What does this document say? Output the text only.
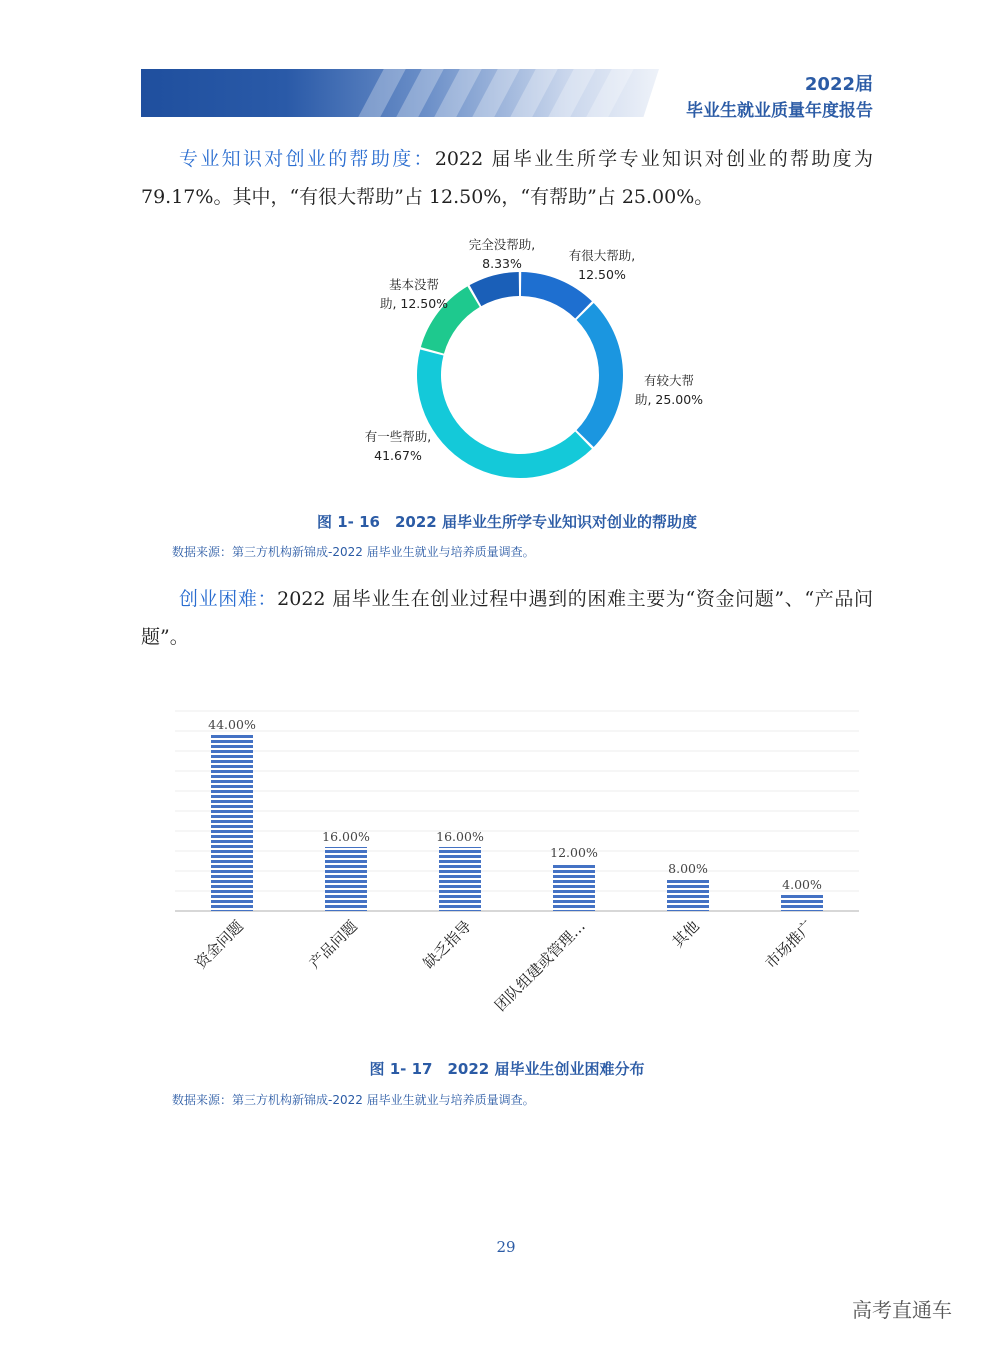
2022届
毕业生就业质量年度报告
专业知识对创业的帮助度：2022 届毕业生所学专业知识对创业的帮助度为 79.17%。其中，“有很大帮助”占 12.50%，“有帮助”占 25.00%。
有很大帮助, 12.50%
有较大帮助, 25.00%
有一些帮助, 41.67%
基本没帮助, 12.50%
完全没帮助, 8.33%
图 1- 16　2022 届毕业生所学专业知识对创业的帮助度
数据来源：第三方机构新锦成-2022 届毕业生就业与培养质量调查。
创业困难：2022 届毕业生在创业过程中遇到的困难主要为“资金问题”、“产品问题”。
44.00%
16.00%	16.00%
12.00%
8.00%
4.00%
资金问题	产品问题	缺乏指导 团队组建或管理…	其他	市场推广
图 1- 17　2022 届毕业生创业困难分布
数据来源：第三方机构新锦成-2022 届毕业生就业与培养质量调查。
29
高考直通车
